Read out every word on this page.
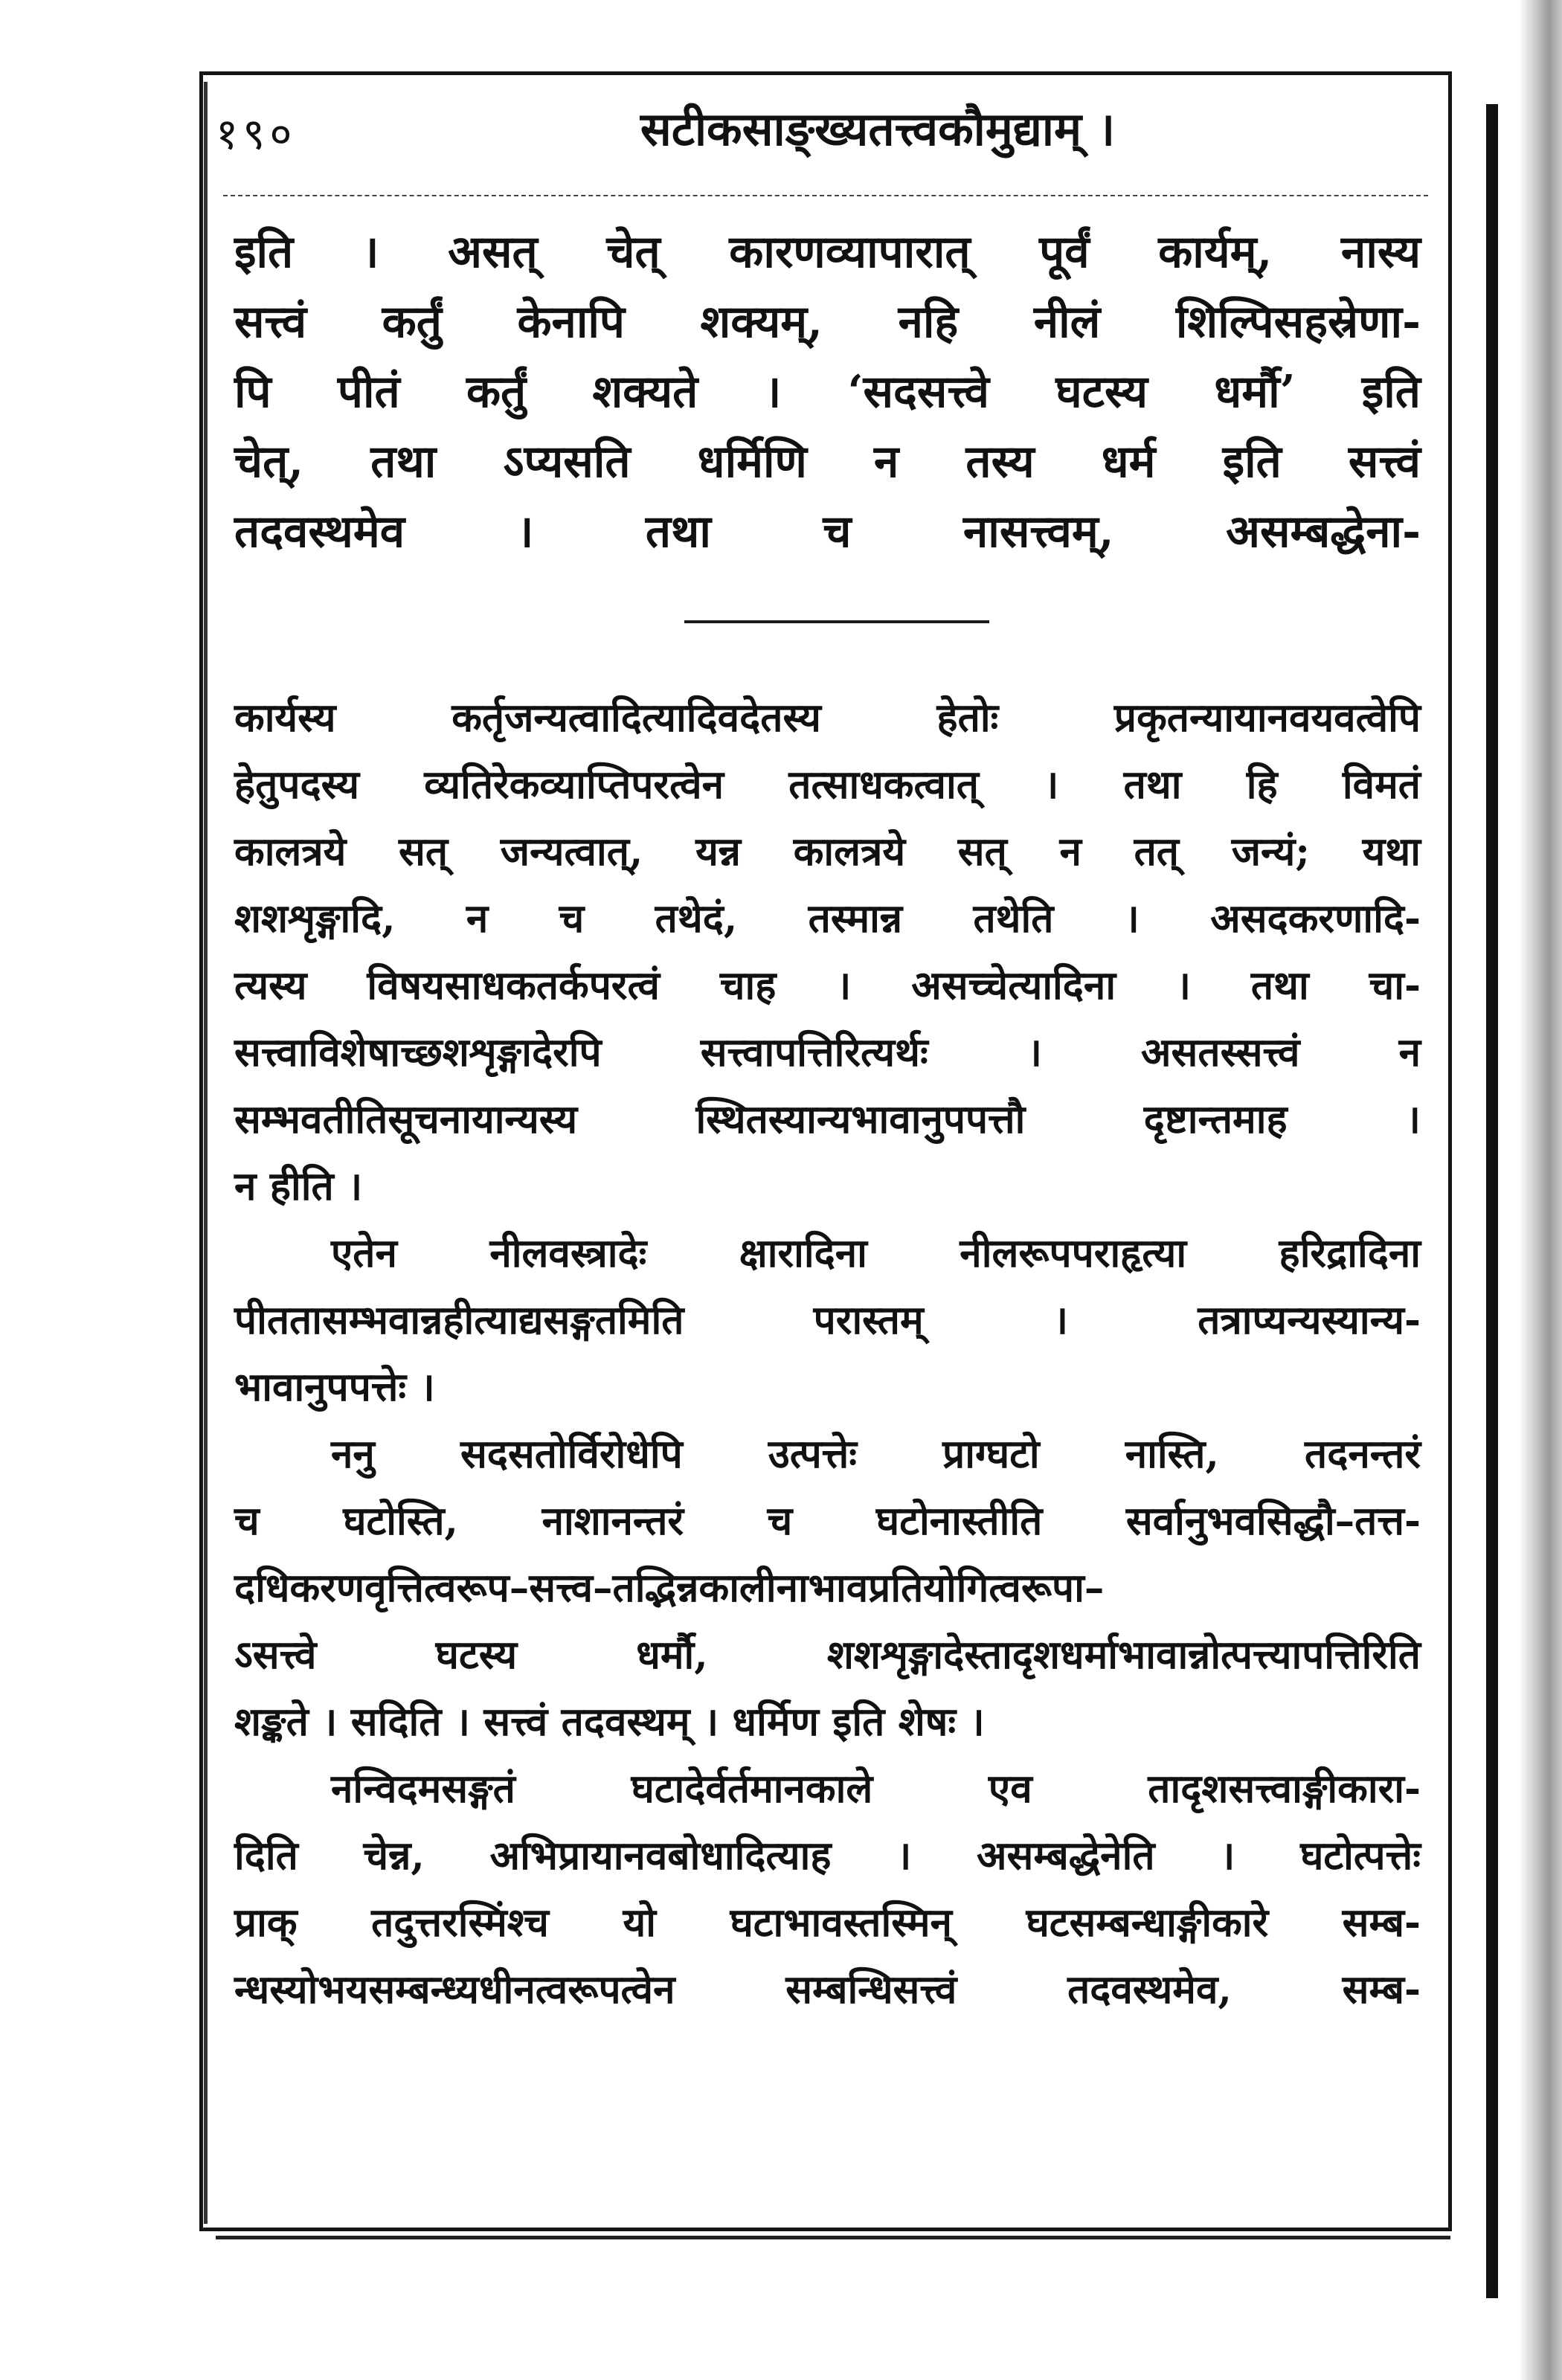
१९०	सटीकसाङ्ख्यतत्त्वकौमुद्याम् ।
इति । असत् चेत् कारणव्यापारात् पूर्वं कार्यम्, नास्य
सत्त्वं कर्तुं केनापि शक्यम्, नहि नीलं शिल्पिसहस्रेणा-
पि पीतं कर्तुं शक्यते । ‘सदसत्त्वे घटस्य धर्मौ’ इति
चेत्, तथा ऽप्यसति धर्मिणि न तस्य धर्म इति सत्त्वं
तदवस्थमेव । तथा च नासत्त्वम्, असम्बद्धेना-
कार्यस्य कर्तृजन्यत्वादित्यादिवदेतस्य हेतोः प्रकृतन्यायानवयवत्वेपि
हेतुपदस्य व्यतिरेकव्याप्तिपरत्वेन तत्साधकत्वात् । तथा हि विमतं
कालत्रये सत् जन्यत्वात्, यन्न कालत्रये सत् न तत् जन्यं; यथा
शशशृङ्गादि, न च तथेदं, तस्मान्न तथेति । असदकरणादि-
त्यस्य विषयसाधकतर्कपरत्वं चाह । असच्चेत्यादिना । तथा चा-
सत्त्वाविशेषाच्छशशृङ्गादेरपि सत्त्वापत्तिरित्यर्थः । असतस्सत्त्वं न
सम्भवतीतिसूचनायान्यस्य स्थितस्यान्यभावानुपपत्तौ दृष्टान्तमाह ।
न हीति ।
एतेन नीलवस्त्रादेः क्षारादिना नीलरूपपराहृत्या हरिद्रादिना
पीततासम्भवान्नहीत्याद्यसङ्गतमिति परास्तम् । तत्राप्यन्यस्यान्य-
भावानुपपत्तेः ।
ननु सदसतोर्विरोधेपि उत्पत्तेः प्राग्घटो नास्ति, तदनन्तरं
च घटोस्ति, नाशानन्तरं च घटोनास्तीति सर्वानुभवसिद्धौ–तत्त-
दधिकरणवृत्तित्वरूप–सत्त्व–तद्भिन्नकालीनाभावप्रतियोगित्वरूपा–
ऽसत्त्वे घटस्य धर्मौ, शशशृङ्गादेस्तादृशधर्माभावान्नोत्पत्त्यापत्तिरिति
शङ्कते । सदिति । सत्त्वं तदवस्थम् । धर्मिण इति शेषः ।
नन्विदमसङ्गतं घटादेर्वर्तमानकाले एव तादृशसत्त्वाङ्गीकारा-
दिति चेन्न, अभिप्रायानवबोधादित्याह । असम्बद्धेनेति । घटोत्पत्तेः
प्राक् तदुत्तरस्मिंश्च यो घटाभावस्तस्मिन् घटसम्बन्धाङ्गीकारे सम्ब-
न्धस्योभयसम्बन्ध्यधीनत्वरूपत्वेन सम्बन्धिसत्त्वं तदवस्थमेव, सम्ब-
